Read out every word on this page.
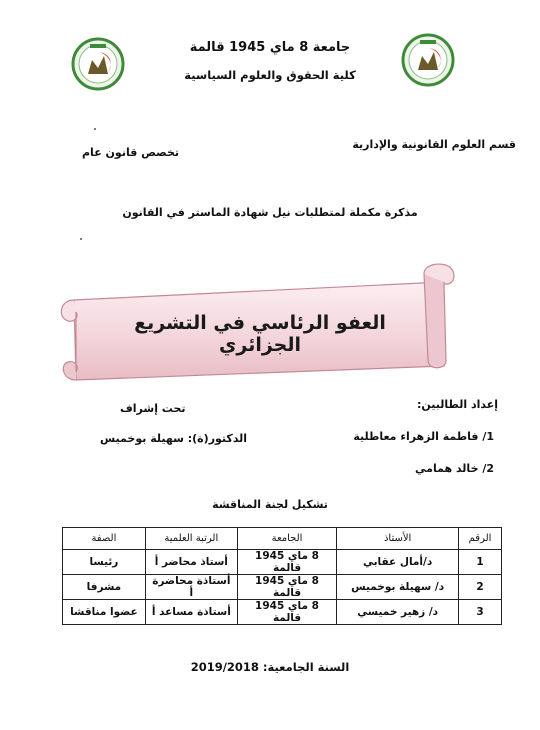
جامعة 8 ماي 1945 قالمة
كلية الحقوق والعلوم السياسية
قسم العلوم القانونية والإدارية
تخصص قانون عام
مذكرة مكملة لمتطلبات نيل شهادة الماستر في القانون
العفو الرئاسي في التشريع الجزائري
إعداد الطالبين:
تحت إشراف
1/ فاطمة الزهراء معاطلية
الدكتور(ة): سهيلة بوخميس
2/ خالد همامي
تشكيل لجنة المناقشة
الرقم	الأستاذ	الجامعة	الرتبة العلمية	الصفة
1	د/أمال عقابي	8 ماي 1945 قالمة	أستاذ محاضر أ	رئيسا
2	د/ سهيلة بوخميس	8 ماي 1945 قالمة	أستاذة محاضرة أ	مشرفا
3	د/ زهير خميسي	8 ماي 1945 قالمة	أستاذة مساعد أ	عضوا مناقشا
السنة الجامعية: 2019/2018
